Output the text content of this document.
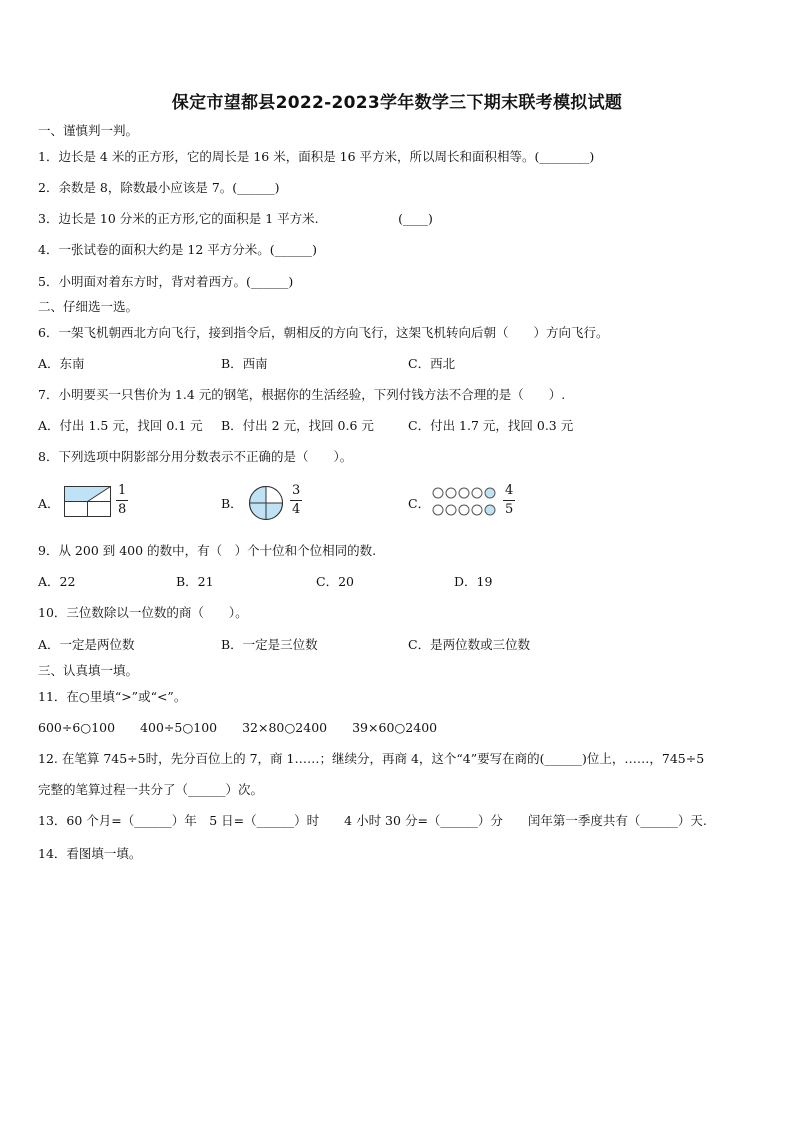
保定市望都县2022-2023学年数学三下期末联考模拟试题
一、谨慎判一判。
1．边长是 4 米的正方形，它的周长是 16 米，面积是 16 平方米，所以周长和面积相等。(________)
2．余数是 8，除数最小应该是 7。(______)
3．边长是 10 分米的正方形,它的面积是 1 平方米.                    (____)
4．一张试卷的面积大约是 12 平方分米。(______)
5．小明面对着东方时，背对着西方。(______)
二、仔细选一选。
6．一架飞机朝西北方向飞行，接到指令后，朝相反的方向飞行，这架飞机转向后朝（　　）方向飞行。
A．东南	B．西南	C．西北
7．小明要买一只售价为 1.4 元的钢笔，根据你的生活经验，下列付钱方法不合理的是（　　）.
A．付出 1.5 元，找回 0.1 元 B．付出 2 元，找回 0.6 元	C．付出 1.7 元，找回 0.3 元
8．下列选项中阴影部分用分数表示不正确的是（　　）。
A．	$\frac{1}{8}$	B．	$\frac{3}{4}$	C．	$\frac{4}{5}$
9．从 200 到 400 的数中，有（　）个十位和个位相同的数.
A．22	B．21	C．20	D．19
10．三位数除以一位数的商（　　）。
A．一定是两位数	B．一定是三位数	C．是两位数或三位数
三、认真填一填。
11．在○里填“>”或“<”。
600÷6○100　　400÷5○100　　32×80○2400　　39×60○2400
12. 在笔算 745÷5时，先分百位上的 7，商 1……；继续分，再商 4，这个“4”要写在商的(______)位上，……，745÷5
完整的笔算过程一共分了（______）次。
13．60 个月=（______）年　5 日=（______）时　　4 小时 30 分=（______）分　　闰年第一季度共有（______）天.
14．看图填一填。
